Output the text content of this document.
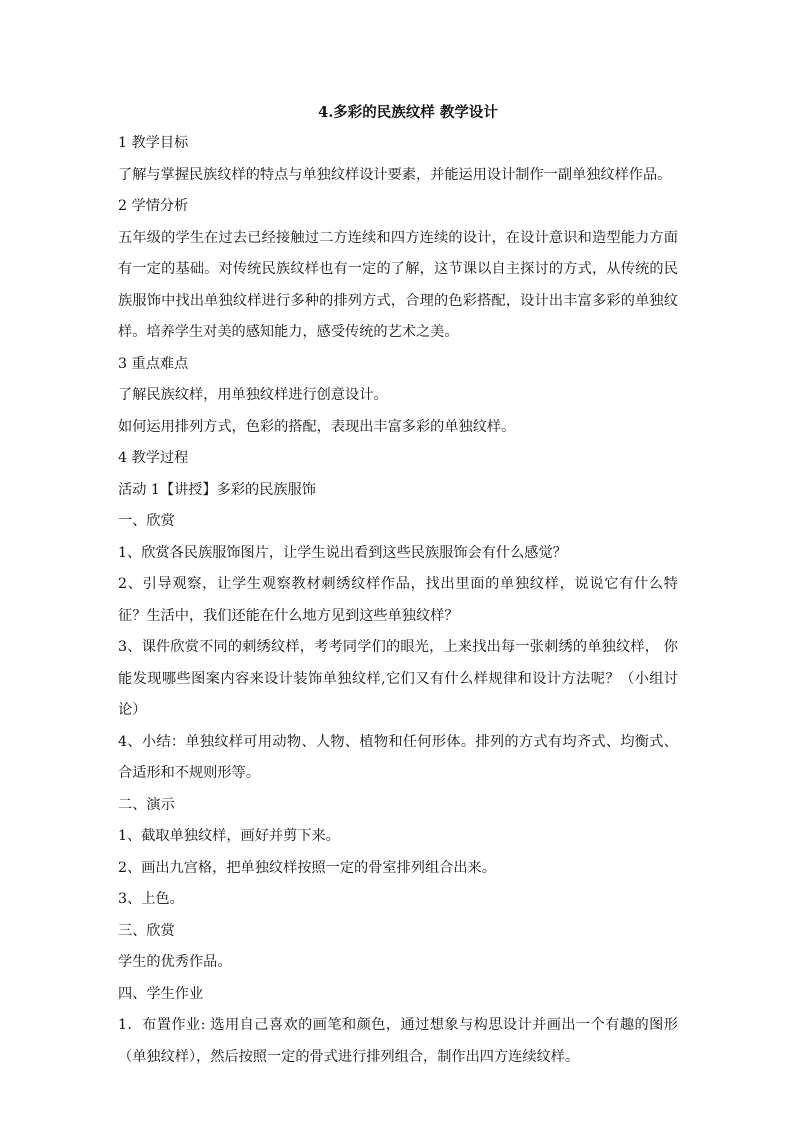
4.多彩的民族纹样 教学设计

1 教学目标

了解与掌握民族纹样的特点与单独纹样设计要素，并能运用设计制作一副单独纹样作品。

2 学情分析

五年级的学生在过去已经接触过二方连续和四方连续的设计，在设计意识和造型能力方面有一定的基础。对传统民族纹样也有一定的了解，这节课以自主探讨的方式，从传统的民族服饰中找出单独纹样进行多种的排列方式，合理的色彩搭配，设计出丰富多彩的单独纹样。培养学生对美的感知能力，感受传统的艺术之美。

3 重点难点

了解民族纹样，用单独纹样进行创意设计。

如何运用排列方式，色彩的搭配，表现出丰富多彩的单独纹样。

4 教学过程

活动 1【讲授】多彩的民族服饰

一、欣赏

1、欣赏各民族服饰图片，让学生说出看到这些民族服饰会有什么感觉？

2、引导观察，让学生观察教材刺绣纹样作品，找出里面的单独纹样，说说它有什么特征？生活中，我们还能在什么地方见到这些单独纹样？

3、课件欣赏不同的刺绣纹样，考考同学们的眼光，上来找出每一张刺绣的单独纹样， 你能发现哪些图案内容来设计装饰单独纹样,它们又有什么样规律和设计方法呢？（小组讨论）

4、小结：单独纹样可用动物、人物、植物和任何形体。排列的方式有均齐式、均衡式、合适形和不规则形等。

二、演示

1、截取单独纹样，画好并剪下来。

2、画出九宫格，把单独纹样按照一定的骨室排列组合出来。

3、上色。

三、欣赏

学生的优秀作品。

四、学生作业

1．布置作业: 选用自己喜欢的画笔和颜色，通过想象与构思设计并画出一个有趣的图形（单独纹样），然后按照一定的骨式进行排列组合，制作出四方连续纹样。
